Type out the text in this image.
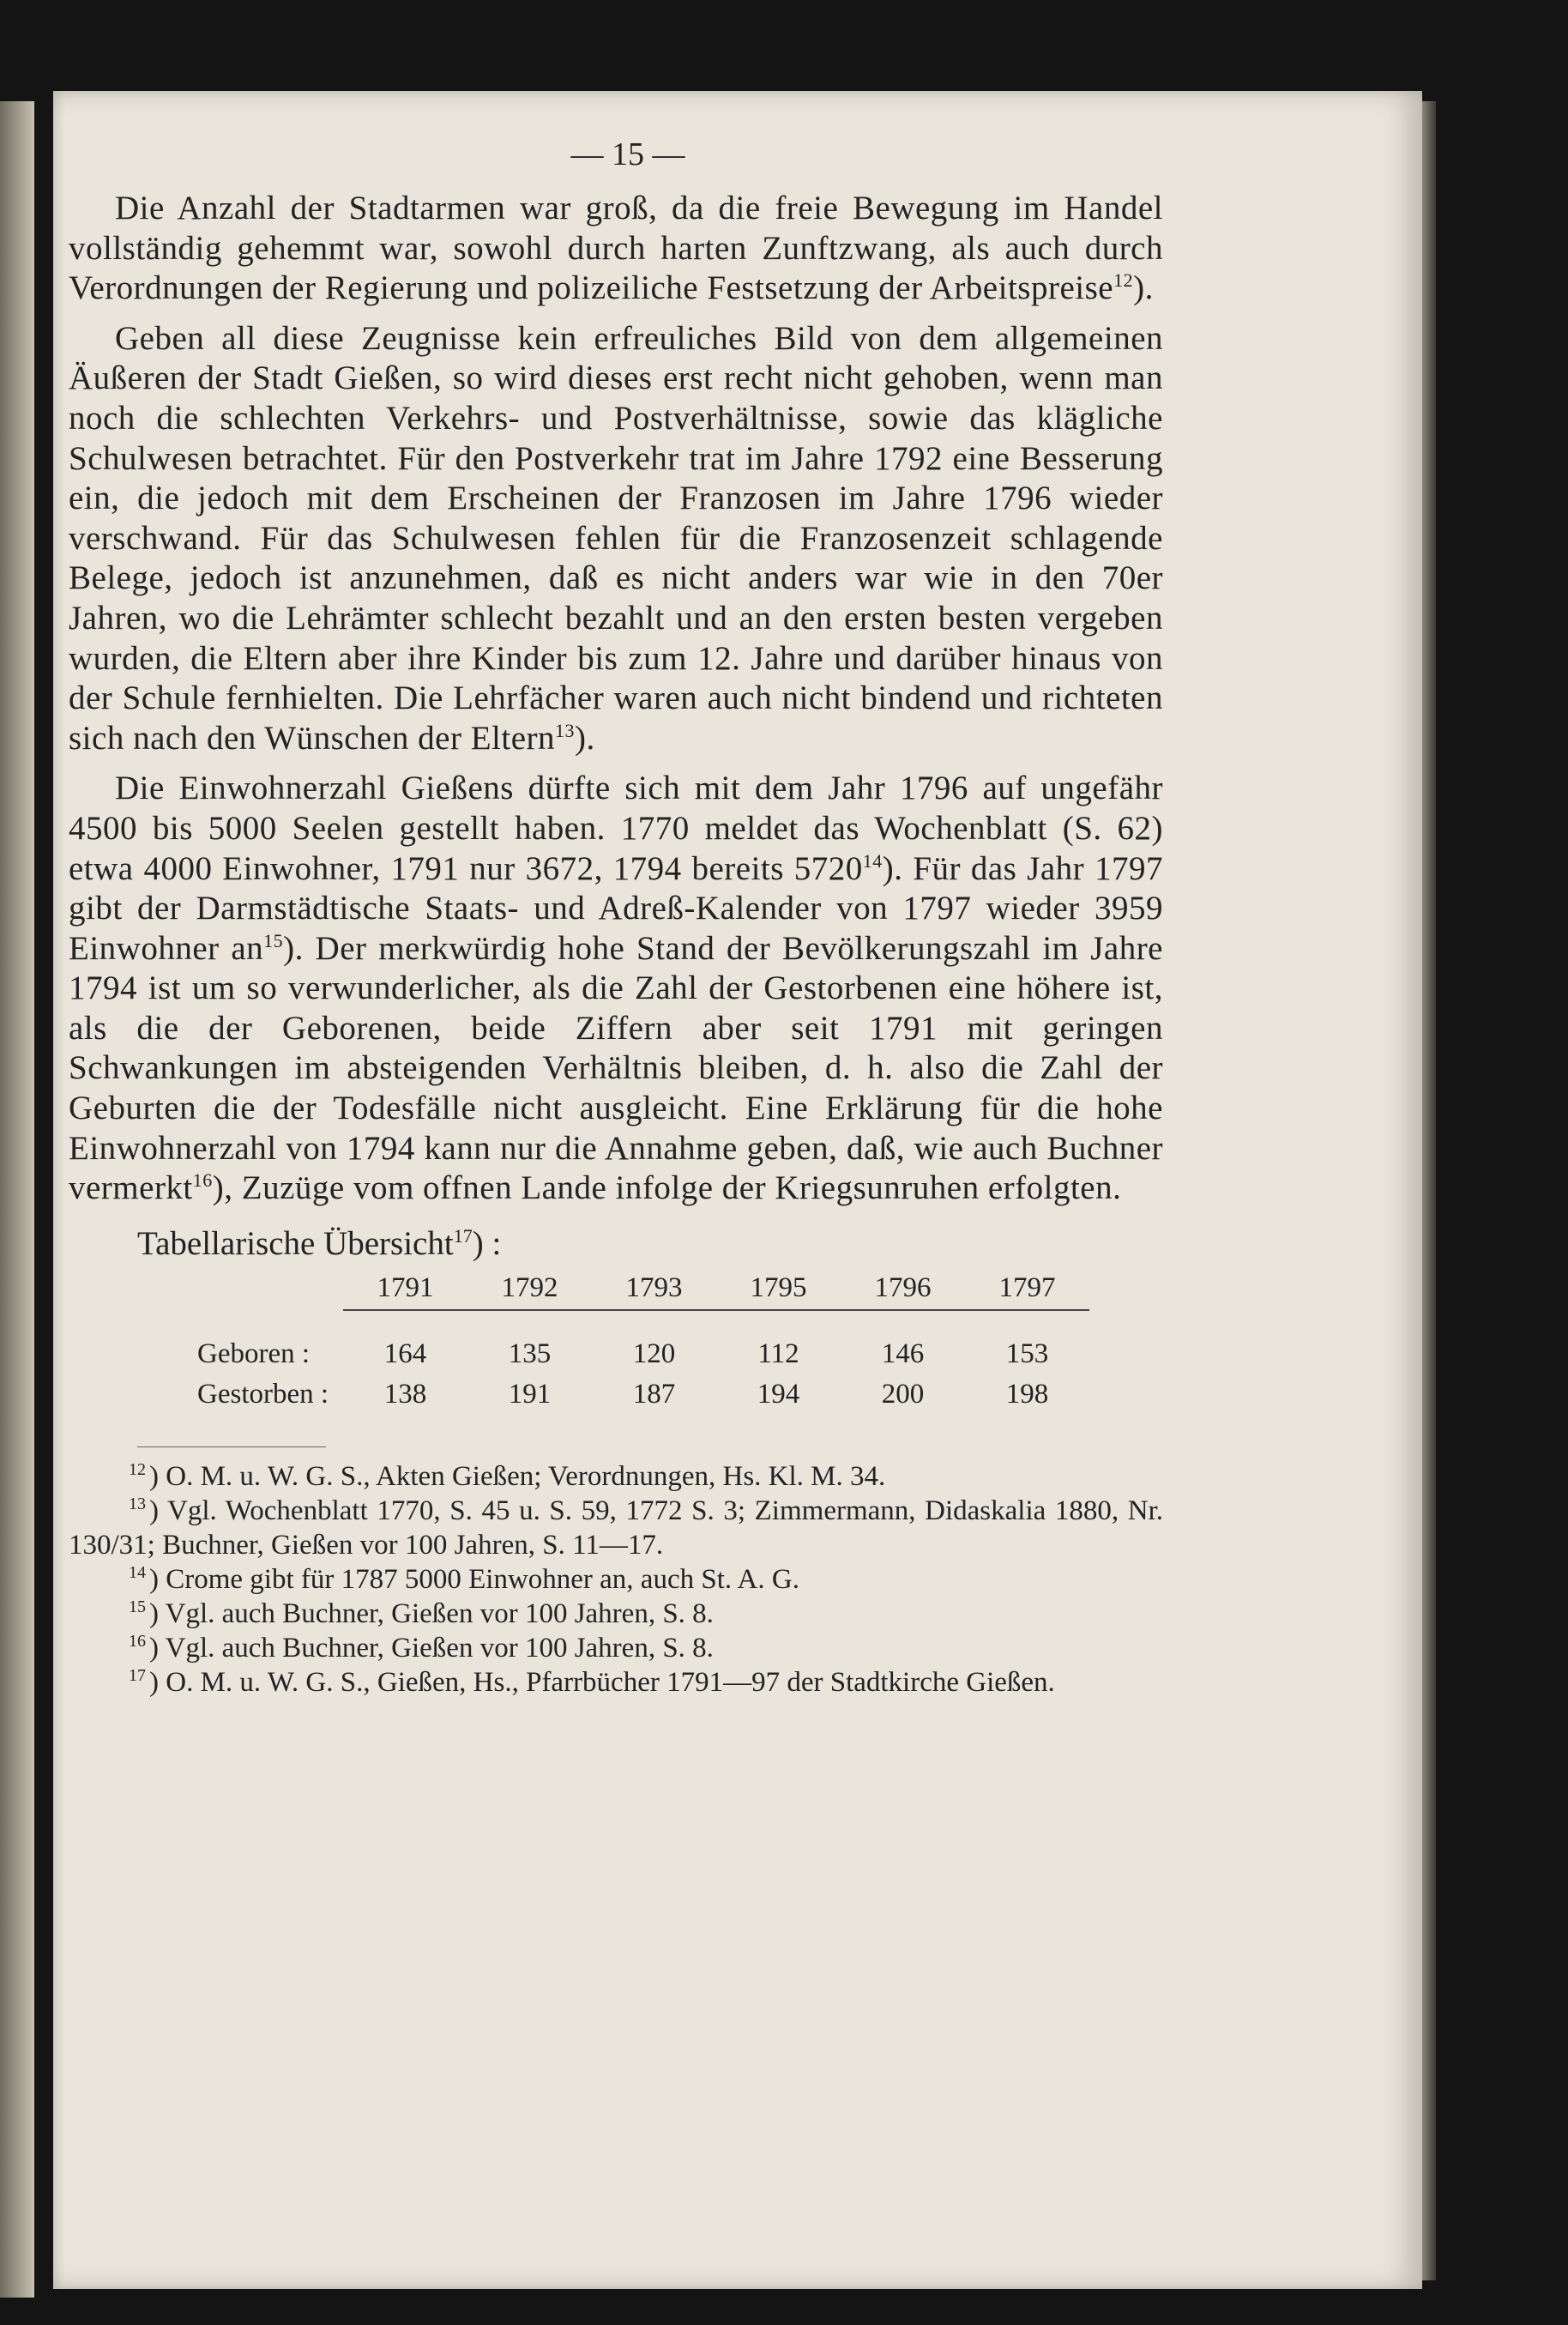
— 15 —

Die Anzahl der Stadtarmen war groß, da die freie Bewegung im Handel vollständig gehemmt war, sowohl durch harten Zunftzwang, als auch durch Verordnungen der Regierung und polizeiliche Festsetzung der Arbeitspreise$^{12}$).

Geben all diese Zeugnisse kein erfreuliches Bild von dem allgemeinen Äußeren der Stadt Gießen, so wird dieses erst recht nicht gehoben, wenn man noch die schlechten Verkehrs- und Postverhältnisse, sowie das klägliche Schulwesen betrachtet. Für den Postverkehr trat im Jahre 1792 eine Besserung ein, die jedoch mit dem Erscheinen der Franzosen im Jahre 1796 wieder verschwand. Für das Schulwesen fehlen für die Franzosenzeit schlagende Belege, jedoch ist anzunehmen, daß es nicht anders war wie in den 70er Jahren, wo die Lehrämter schlecht bezahlt und an den ersten besten vergeben wurden, die Eltern aber ihre Kinder bis zum 12. Jahre und darüber hinaus von der Schule fernhielten. Die Lehrfächer waren auch nicht bindend und richteten sich nach den Wünschen der Eltern$^{13}$).

Die Einwohnerzahl Gießens dürfte sich mit dem Jahr 1796 auf ungefähr 4500 bis 5000 Seelen gestellt haben. 1770 meldet das Wochenblatt (S. 62) etwa 4000 Einwohner, 1791 nur 3672, 1794 bereits 5720$^{14}$). Für das Jahr 1797 gibt der Darmstädtische Staats- und Adreß-Kalender von 1797 wieder 3959 Einwohner $an^{15}$). Der merkwürdig hohe Stand der Bevölkerungszahl im Jahre 1794 ist um so verwunderlicher, als die Zahl der Gestorbenen eine höhere ist, als die der Geborenen, beide Ziffern aber seit 1791 mit geringen Schwankungen im absteigenden Verhältnis bleiben, d. h. also die Zahl der Geburten die der Todesfälle nicht ausgleicht. Eine Erklärung für die hohe Einwohnerzahl von 1794 kann nur die Annahme geben, daß, wie auch Buchner vermerkt$^{16}$), Zuzüge vom offnen Lande infolge der Kriegsunruhen erfolgten.

Tabellarische Übersicht$^{17}$) :
1791	1792	1793	1795	1796	1797
Geboren :	164	135	120	112	146	153
Gestorben :	138	191	187	194	200	198

$^{12}$ ) O. M. u. W. G. S., Akten Gießen; Verordnungen, Hs. Kl. M. 34.

$^{13}$ ) Vgl. Wochenblatt 1770, S. 45 u. S. 59, 1772 S. 3; Zimmermann, Didaskalia 1880, Nr. 130/31; Buchner, Gießen vor 100 Jahren, S. 11—17.

$^{14}$ ) Crome gibt für 1787 5000 Einwohner an, auch St. A. G.

$^{15}$ ) Vgl. auch Buchner, Gießen vor 100 Jahren, S. 8.

$^{16}$ ) Vgl. auch Buchner, Gießen vor 100 Jahren, S. 8.

$^{17}$ ) O. M. u. W. G. S., Gießen, Hs., Pfarrbücher 1791—97 der Stadtkirche Gießen.
